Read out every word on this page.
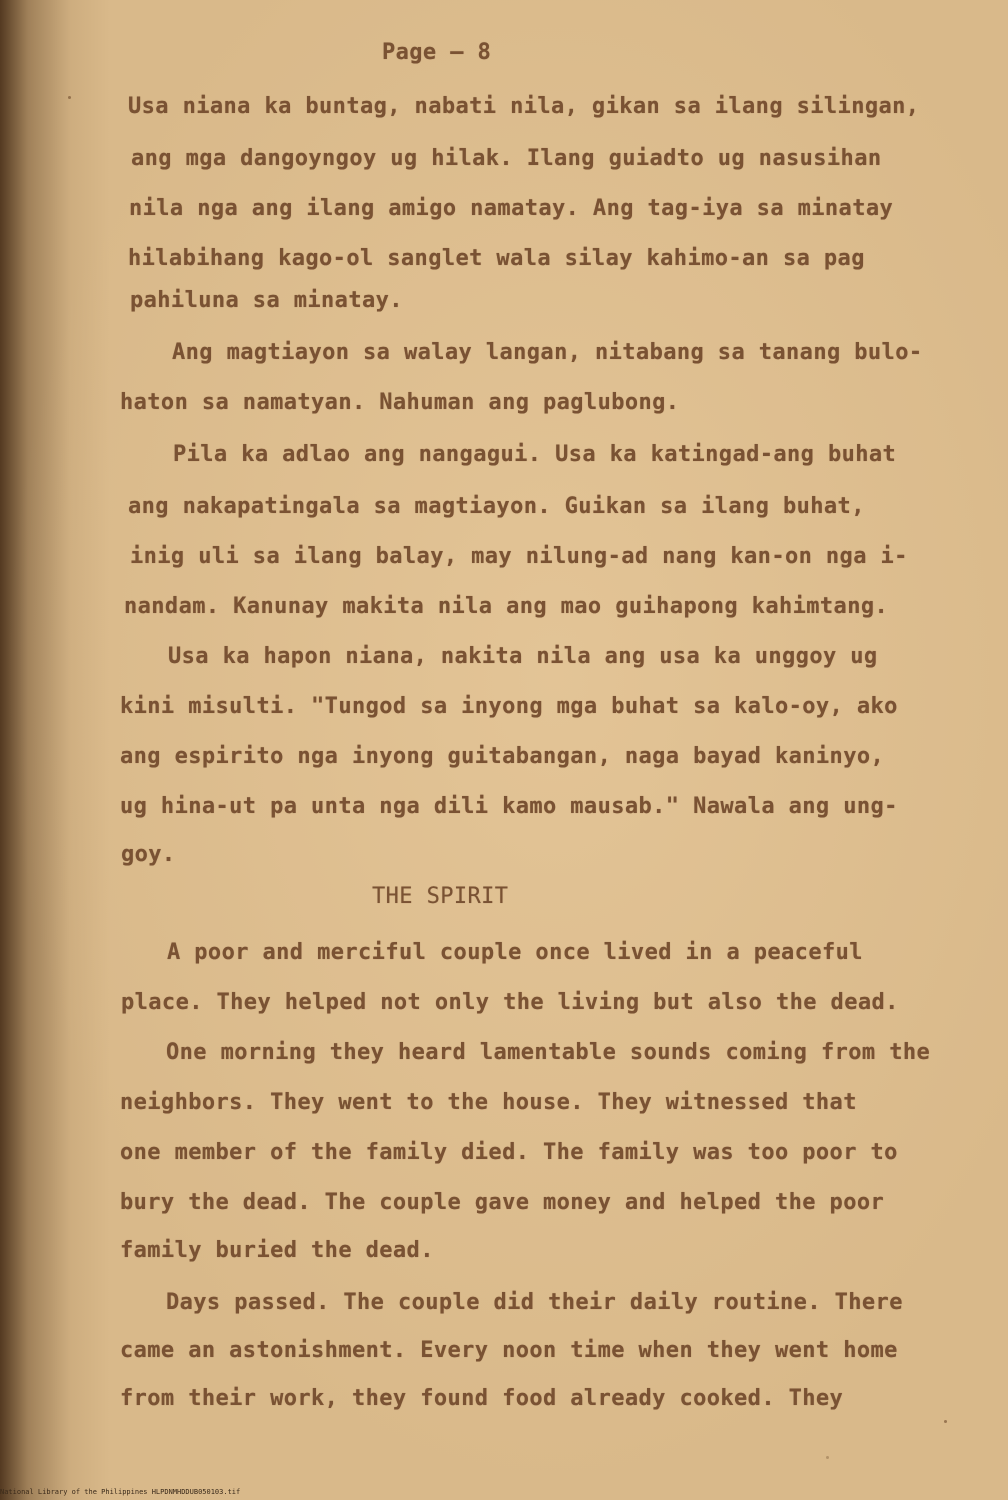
Page — 8
Usa niana ka buntag, nabati nila, gikan sa ilang silingan,
ang mga dangoyngoy ug hilak. Ilang guiadto ug nasusihan
nila nga ang ilang amigo namatay. Ang tag-iya sa minatay
hilabihang kago-ol sanglet wala silay kahimo-an sa pag
pahiluna sa minatay.
Ang magtiayon sa walay langan, nitabang sa tanang bulo-
haton sa namatyan. Nahuman ang paglubong.
Pila ka adlao ang nangagui. Usa ka katingad-ang buhat
ang nakapatingala sa magtiayon. Guikan sa ilang buhat,
inig uli sa ilang balay, may nilung-ad nang kan-on nga i-
nandam. Kanunay makita nila ang mao guihapong kahimtang.
Usa ka hapon niana, nakita nila ang usa ka unggoy ug
kini misulti. "Tungod sa inyong mga buhat sa kalo-oy, ako
ang espirito nga inyong guitabangan, naga bayad kaninyo,
ug hina-ut pa unta nga dili kamo mausab." Nawala ang ung-
goy.
THE SPIRIT
A poor and merciful couple once lived in a peaceful
place. They helped not only the living but also the dead.
One morning they heard lamentable sounds coming from the
neighbors. They went to the house. They witnessed that
one member of the family died. The family was too poor to
bury the dead. The couple gave money and helped the poor
family buried the dead.
Days passed. The couple did their daily routine. There
came an astonishment. Every noon time when they went home
from their work, they found food already cooked. They
National Library of the Philippines HLPDNMHDDUB050103.tif
